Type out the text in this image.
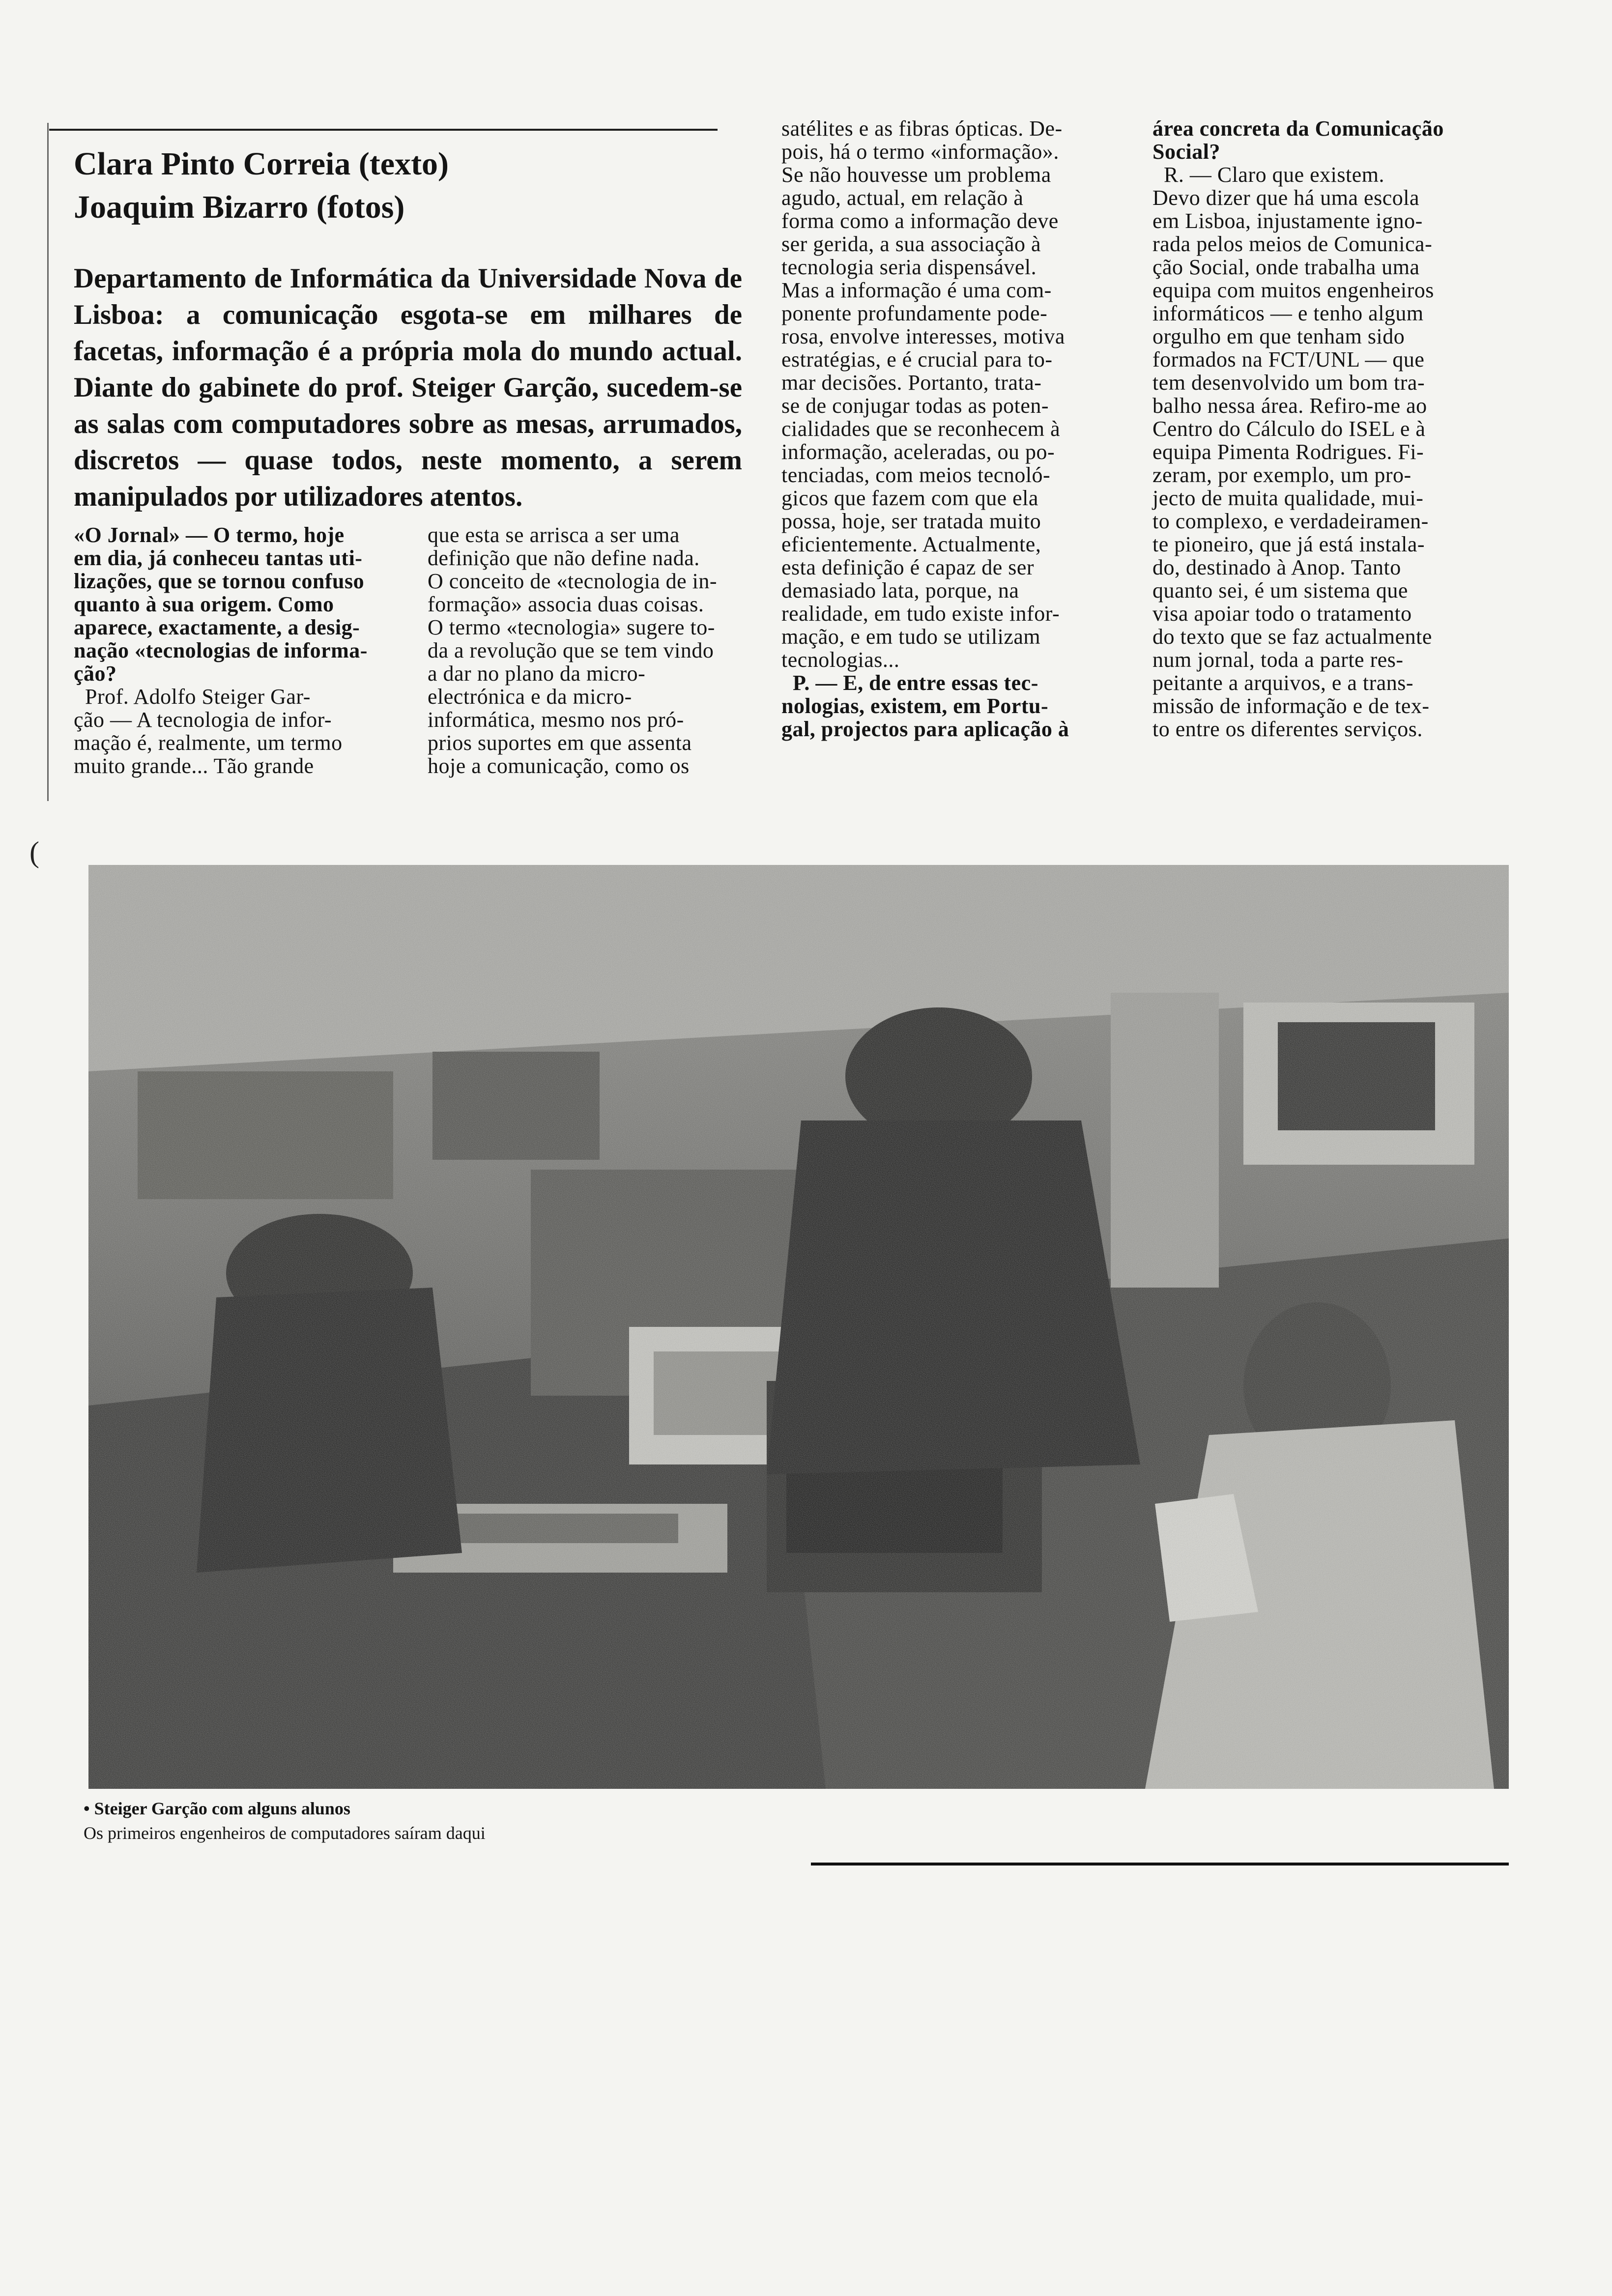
Clara Pinto Correia (texto)
Joaquim Bizarro (fotos)
Departamento de Informática da Universidade Nova de Lisboa: a comunicação esgota-se em milhares de facetas, informação é a própria mola do mundo actual. Diante do gabinete do prof. Steiger Garção, sucedem-se as salas com computadores sobre as mesas, arrumados, discretos — quase todos, neste momento, a serem manipulados por utilizadores atentos.
«O Jornal» — O termo, hoje
em dia, já conheceu tantas uti-
lizações, que se tornou confuso
quanto à sua origem. Como
aparece, exactamente, a desig-
nação «tecnologias de informa-
ção?
Prof. Adolfo Steiger Gar-
ção — A tecnologia de infor-
mação é, realmente, um termo
muito grande... Tão grande
que esta se arrisca a ser uma
definição que não define nada.
O conceito de «tecnologia de in-
formação» associa duas coisas.
O termo «tecnologia» sugere to-
da a revolução que se tem vindo
a dar no plano da micro-
electrónica e da micro-
informática, mesmo nos pró-
prios suportes em que assenta
hoje a comunicação, como os
satélites e as fibras ópticas. De-
pois, há o termo «informação».
Se não houvesse um problema
agudo, actual, em relação à
forma como a informação deve
ser gerida, a sua associação à
tecnologia seria dispensável.
Mas a informação é uma com-
ponente profundamente pode-
rosa, envolve interesses, motiva
estratégias, e é crucial para to-
mar decisões. Portanto, trata-
se de conjugar todas as poten-
cialidades que se reconhecem à
informação, aceleradas, ou po-
tenciadas, com meios tecnoló-
gicos que fazem com que ela
possa, hoje, ser tratada muito
eficientemente. Actualmente,
esta definição é capaz de ser
demasiado lata, porque, na
realidade, em tudo existe infor-
mação, e em tudo se utilizam
tecnologias...
P. — E, de entre essas tec-
nologias, existem, em Portu-
gal, projectos para aplicação à
área concreta da Comunicação
Social?
R. — Claro que existem.
Devo dizer que há uma escola
em Lisboa, injustamente igno-
rada pelos meios de Comunica-
ção Social, onde trabalha uma
equipa com muitos engenheiros
informáticos — e tenho algum
orgulho em que tenham sido
formados na FCT/UNL — que
tem desenvolvido um bom tra-
balho nessa área. Refiro-me ao
Centro do Cálculo do ISEL e à
equipa Pimenta Rodrigues. Fi-
zeram, por exemplo, um pro-
jecto de muita qualidade, mui-
to complexo, e verdadeiramen-
te pioneiro, que já está instala-
do, destinado à Anop. Tanto
quanto sei, é um sistema que
visa apoiar todo o tratamento
do texto que se faz actualmente
num jornal, toda a parte res-
peitante a arquivos, e a trans-
missão de informação e de tex-
to entre os diferentes serviços.
(
• Steiger Garção com alguns alunos
Os primeiros engenheiros de computadores saíram daqui
